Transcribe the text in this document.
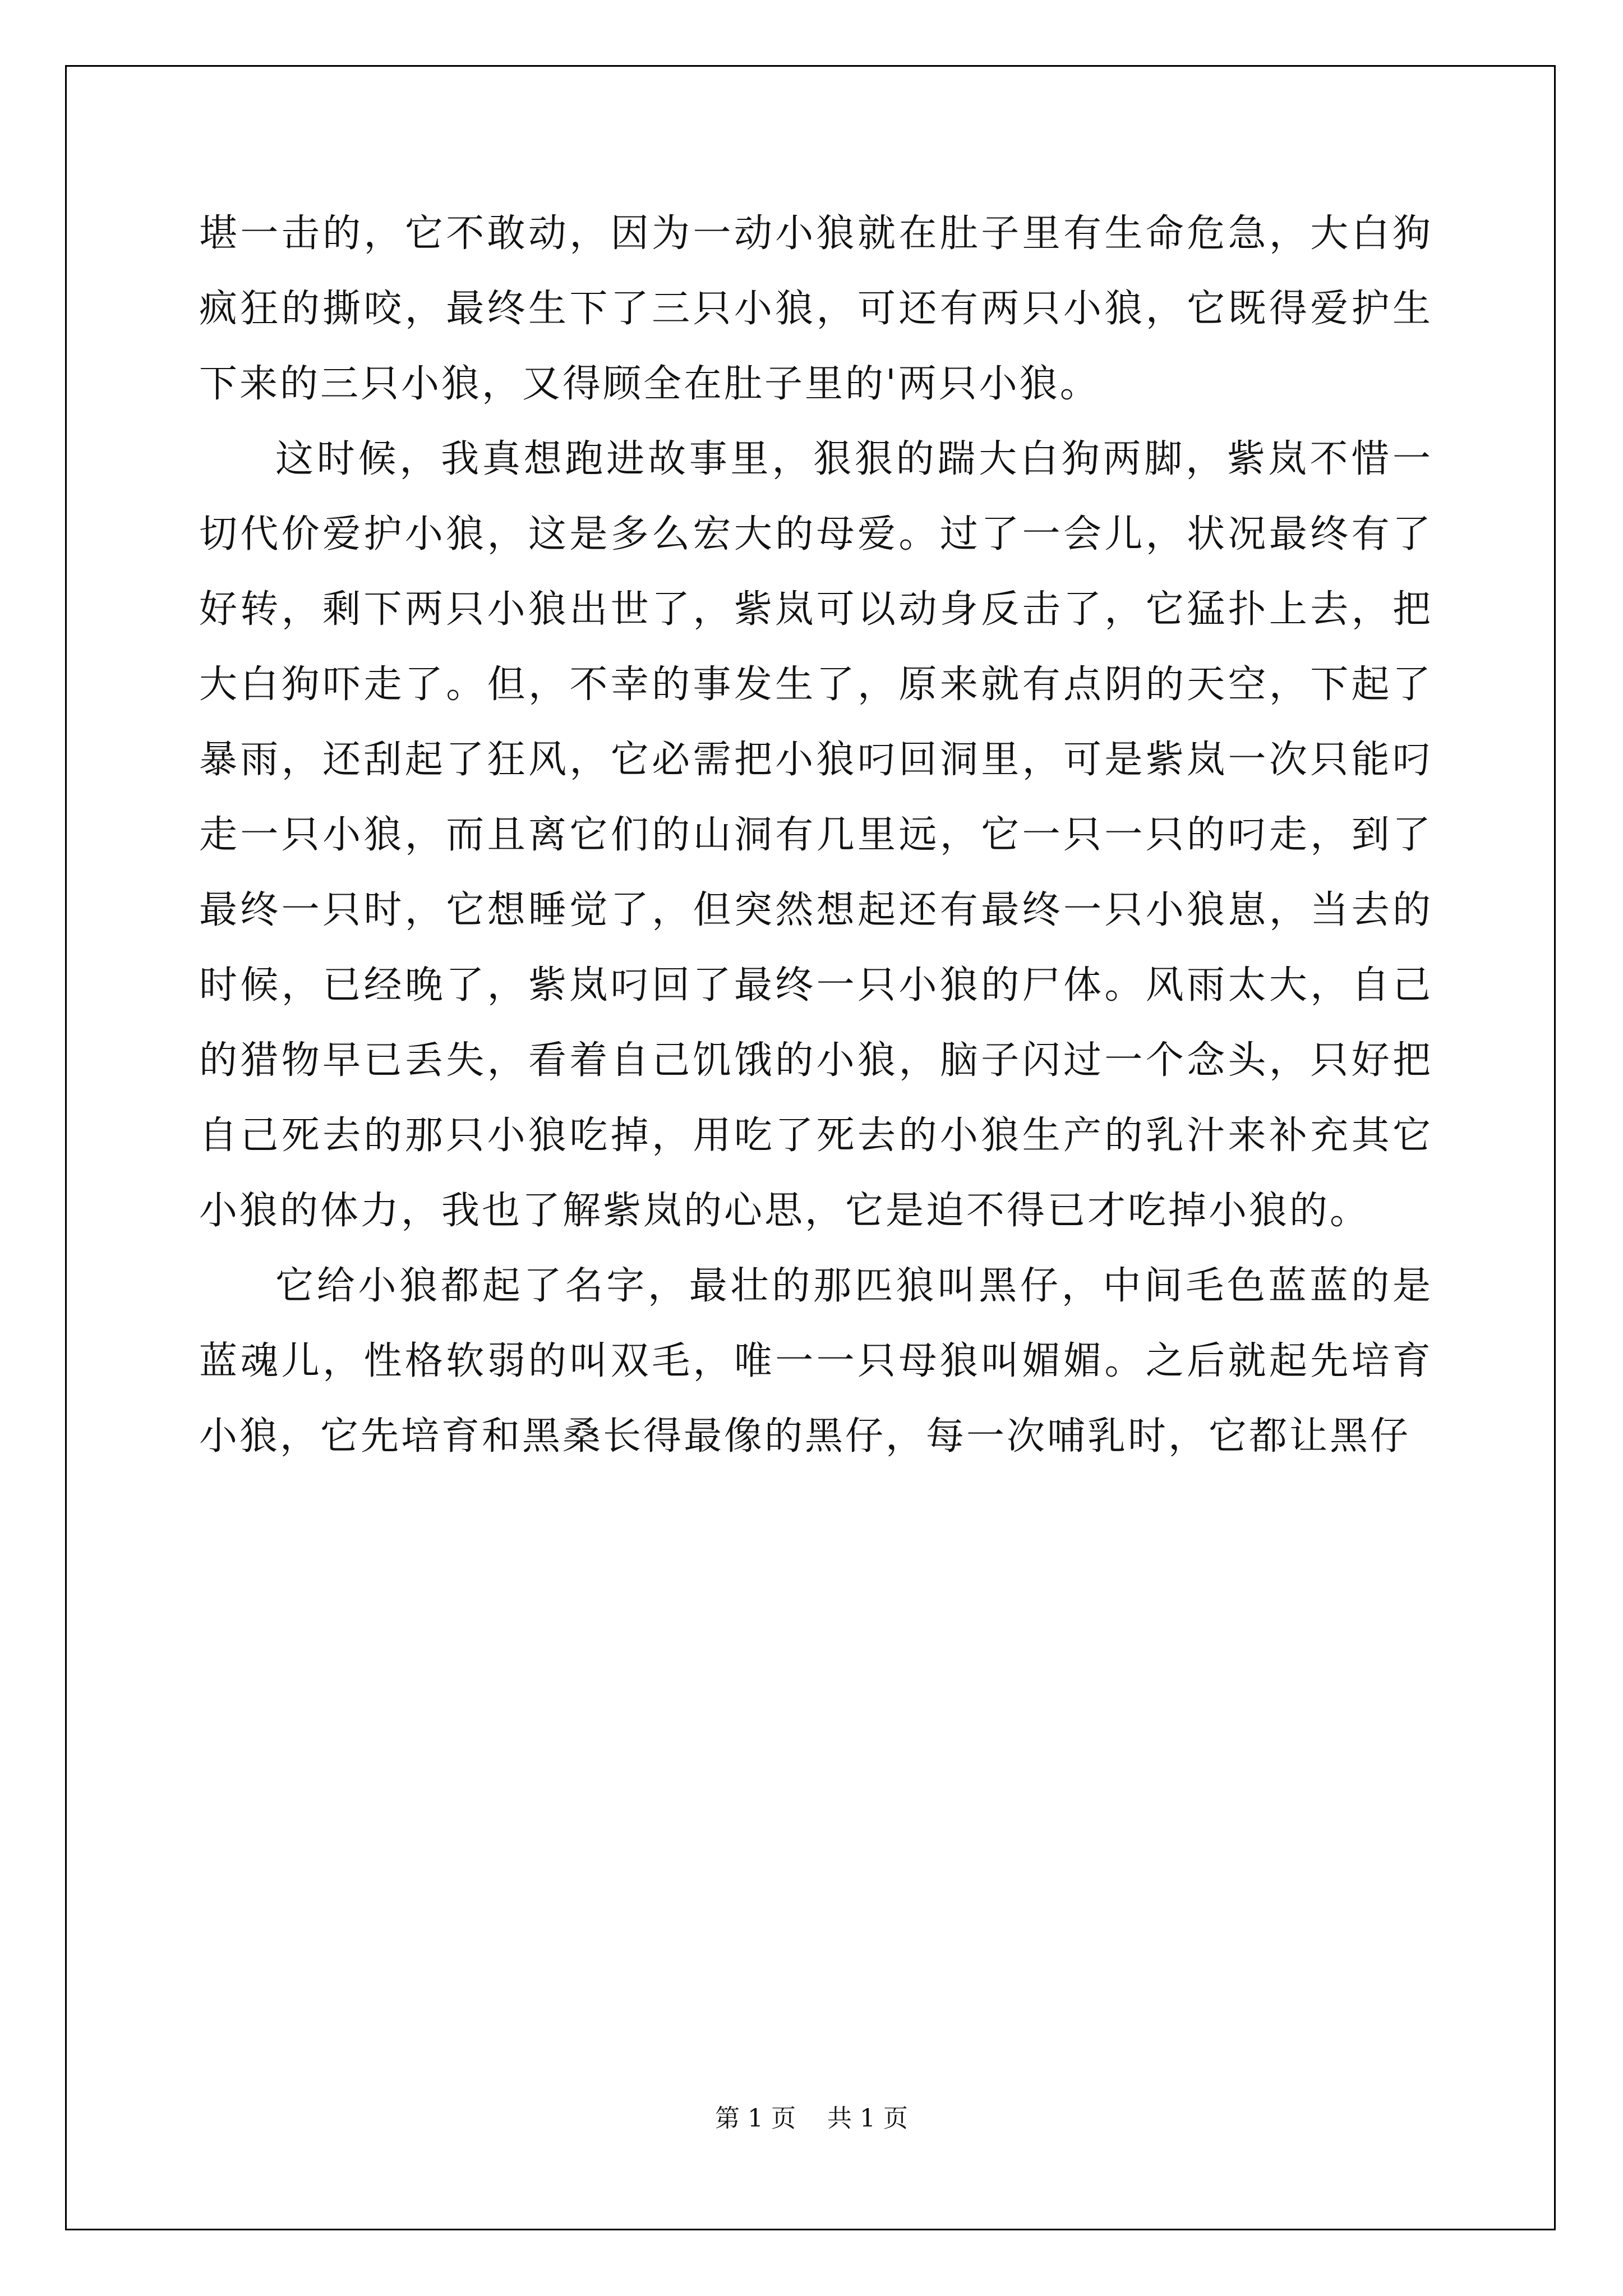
堪一击的，它不敢动，因为一动小狼就在肚子里有生命危急，大白狗疯狂的撕咬，最终生下了三只小狼，可还有两只小狼，它既得爱护生下来的三只小狼，又得顾全在肚子里的'两只小狼。

这时候，我真想跑进故事里，狠狠的踹大白狗两脚，紫岚不惜一切代价爱护小狼，这是多么宏大的母爱。过了一会儿，状况最终有了好转，剩下两只小狼出世了，紫岚可以动身反击了，它猛扑上去，把大白狗吓走了。但，不幸的事发生了，原来就有点阴的天空，下起了暴雨，还刮起了狂风，它必需把小狼叼回洞里，可是紫岚一次只能叼走一只小狼，而且离它们的山洞有几里远，它一只一只的叼走，到了最终一只时，它想睡觉了，但突然想起还有最终一只小狼崽，当去的时候，已经晚了，紫岚叼回了最终一只小狼的尸体。风雨太大，自己的猎物早已丢失，看着自己饥饿的小狼，脑子闪过一个念头，只好把自己死去的那只小狼吃掉，用吃了死去的小狼生产的乳汁来补充其它小狼的体力，我也了解紫岚的心思，它是迫不得已才吃掉小狼的。

它给小狼都起了名字，最壮的那匹狼叫黑仔，中间毛色蓝蓝的是蓝魂儿，性格软弱的叫双毛，唯一一只母狼叫媚媚。之后就起先培育小狼，它先培育和黑桑长得最像的黑仔，每一次哺乳时，它都让黑仔

第 1 页    共 1 页
